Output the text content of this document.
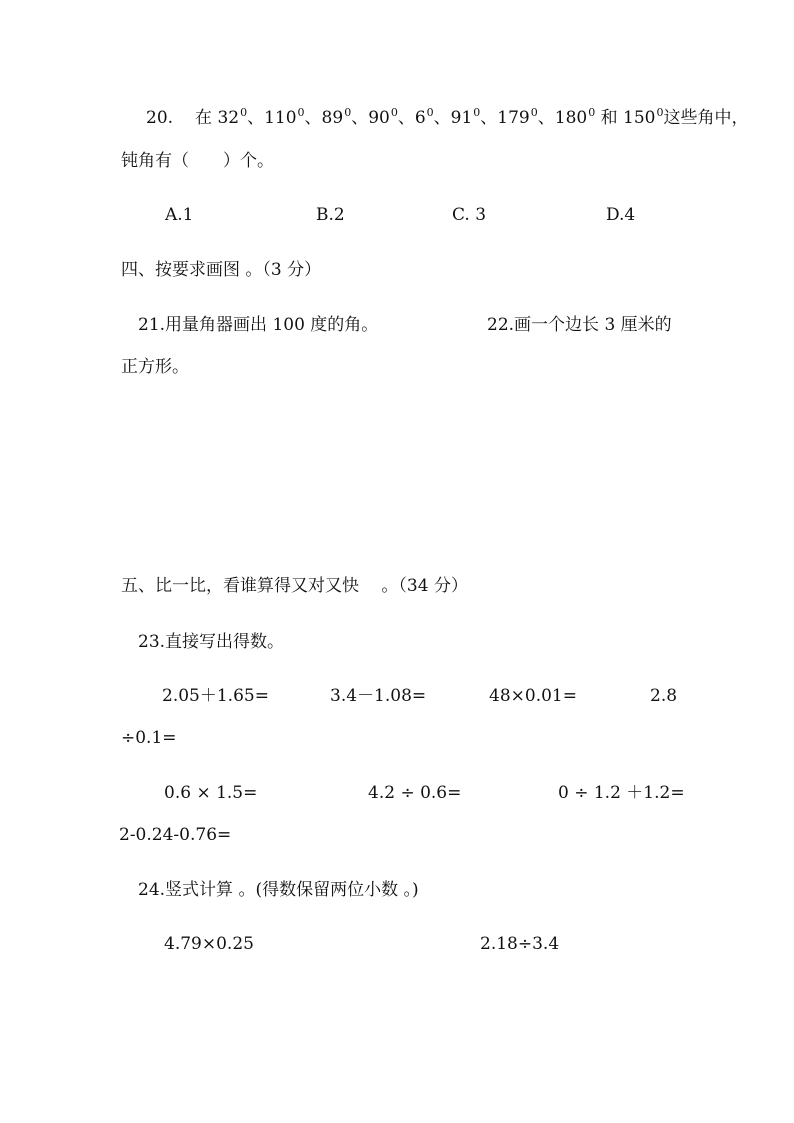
20. 在 $32^0$、$110^0$、$89^0$、$90^0$、$6^0$、$91^0$、$179^0$、$180^0$ 和 $150^0$这些角中，
钝角有（　　）个。
A.1	B.2	C. 3	D.4
四、按要求画图 。（3 分）
21.用量角器画出 100 度的角。	22.画一个边长 3 厘米的
正方形。
五、比一比，看谁算得又对又快　 。（34 分）
23.直接写出得数。
2.05＋1.65=	3.4－1.08=	48×0.01=	2.8
÷0.1=
0.6 × 1.5=	4.2 ÷ 0.6=	0 ÷ 1.2 ＋1.2=
2-0.24-0.76=
24.竖式计算 。(得数保留两位小数 。)
4.79×0.25	2.18÷3.4
